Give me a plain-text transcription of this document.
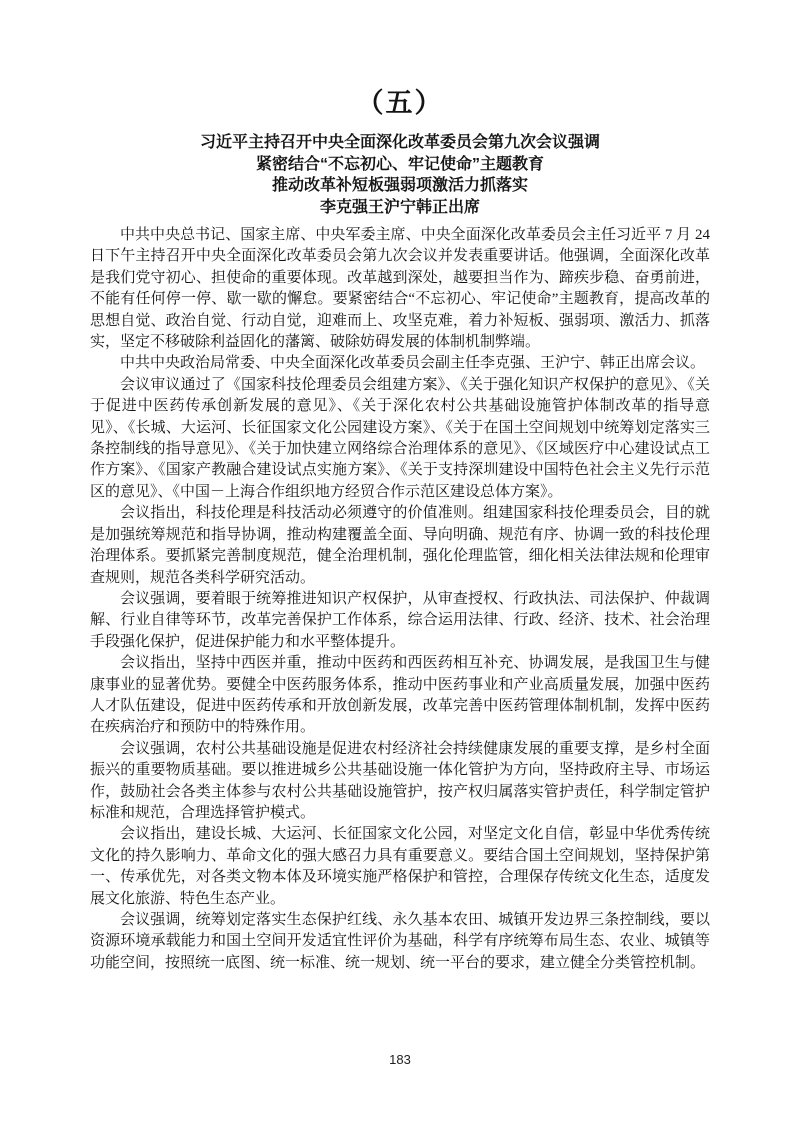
（五）
习近平主持召开中央全面深化改革委员会第九次会议强调
紧密结合“不忘初心、牢记使命”主题教育
推动改革补短板强弱项激活力抓落实
李克强王沪宁韩正出席

中共中央总书记、国家主席、中央军委主席、中央全面深化改革委员会主任习近平 7 月 24 日下午主持召开中央全面深化改革委员会第九次会议并发表重要讲话。他强调，全面深化改革是我们党守初心、担使命的重要体现。改革越到深处，越要担当作为、蹄疾步稳、奋勇前进，不能有任何停一停、歇一歇的懈怠。要紧密结合“不忘初心、牢记使命”主题教育，提高改革的思想自觉、政治自觉、行动自觉，迎难而上、攻坚克难，着力补短板、强弱项、激活力、抓落实，坚定不移破除利益固化的藩篱、破除妨碍发展的体制机制弊端。

中共中央政治局常委、中央全面深化改革委员会副主任李克强、王沪宁、韩正出席会议。

会议审议通过了《国家科技伦理委员会组建方案》、《关于强化知识产权保护的意见》、《关于促进中医药传承创新发展的意见》、《关于深化农村公共基础设施管护体制改革的指导意见》、《长城、大运河、长征国家文化公园建设方案》、《关于在国土空间规划中统筹划定落实三条控制线的指导意见》、《关于加快建立网络综合治理体系的意见》、《区域医疗中心建设试点工作方案》、《国家产教融合建设试点实施方案》、《关于支持深圳建设中国特色社会主义先行示范区的意见》、《中国－上海合作组织地方经贸合作示范区建设总体方案》。

会议指出，科技伦理是科技活动必须遵守的价值准则。组建国家科技伦理委员会，目的就是加强统筹规范和指导协调，推动构建覆盖全面、导向明确、规范有序、协调一致的科技伦理治理体系。要抓紧完善制度规范，健全治理机制，强化伦理监管，细化相关法律法规和伦理审查规则，规范各类科学研究活动。

会议强调，要着眼于统筹推进知识产权保护，从审查授权、行政执法、司法保护、仲裁调解、行业自律等环节，改革完善保护工作体系，综合运用法律、行政、经济、技术、社会治理手段强化保护，促进保护能力和水平整体提升。

会议指出，坚持中西医并重，推动中医药和西医药相互补充、协调发展，是我国卫生与健康事业的显著优势。要健全中医药服务体系，推动中医药事业和产业高质量发展，加强中医药人才队伍建设，促进中医药传承和开放创新发展，改革完善中医药管理体制机制，发挥中医药在疾病治疗和预防中的特殊作用。

会议强调，农村公共基础设施是促进农村经济社会持续健康发展的重要支撑，是乡村全面振兴的重要物质基础。要以推进城乡公共基础设施一体化管护为方向，坚持政府主导、市场运作，鼓励社会各类主体参与农村公共基础设施管护，按产权归属落实管护责任，科学制定管护标准和规范，合理选择管护模式。

会议指出，建设长城、大运河、长征国家文化公园，对坚定文化自信，彰显中华优秀传统文化的持久影响力、革命文化的强大感召力具有重要意义。要结合国土空间规划，坚持保护第一、传承优先，对各类文物本体及环境实施严格保护和管控，合理保存传统文化生态，适度发展文化旅游、特色生态产业。

会议强调，统筹划定落实生态保护红线、永久基本农田、城镇开发边界三条控制线，要以资源环境承载能力和国土空间开发适宜性评价为基础，科学有序统筹布局生态、农业、城镇等功能空间，按照统一底图、统一标准、统一规划、统一平台的要求，建立健全分类管控机制。

183
